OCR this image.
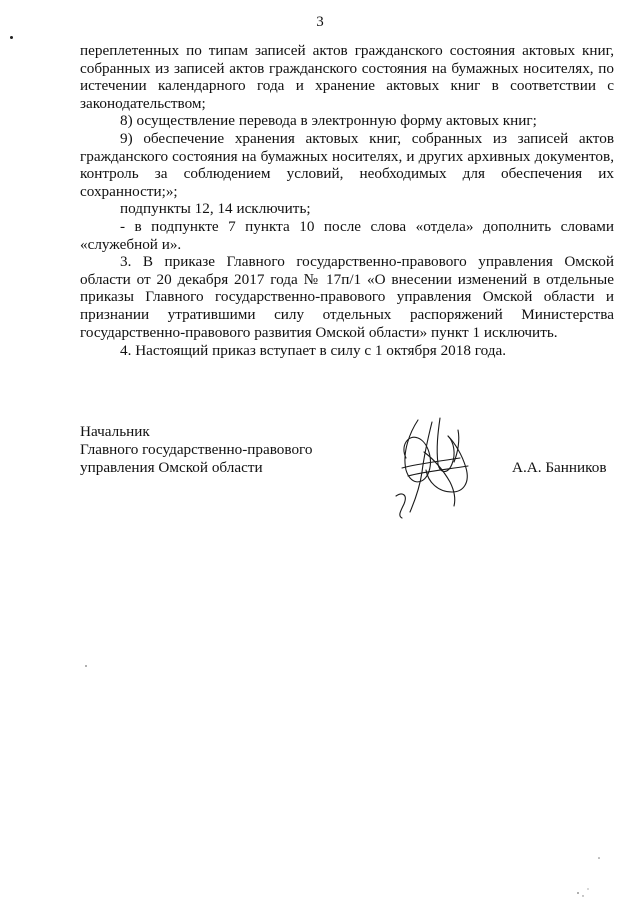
3

переплетенных по типам записей актов гражданского состояния актовых книг, собранных из записей актов гражданского состояния на бумажных носителях, по истечении календарного года и хранение актовых книг в соответствии с законодательством;

8) осуществление перевода в электронную форму актовых книг;

9) обеспечение хранения актовых книг, собранных из записей актов гражданского состояния на бумажных носителях, и других архивных документов, контроль за соблюдением условий, необходимых для обеспечения их сохранности;»;

подпункты 12, 14 исключить;

- в подпункте 7 пункта 10 после слова «отдела» дополнить словами «служебной и».

3. В приказе Главного государственно-правового управления Омской области от 20 декабря 2017 года № 17п/1 «О внесении изменений в отдельные приказы Главного государственно-правового управления Омской области и признании утратившими силу отдельных распоряжений Министерства государственно-правового развития Омской области» пункт 1 исключить.

4. Настоящий приказ вступает в силу с 1 октября 2018 года.

Начальник
Главного государственно-правового
управления Омской области	А.А. Банников
